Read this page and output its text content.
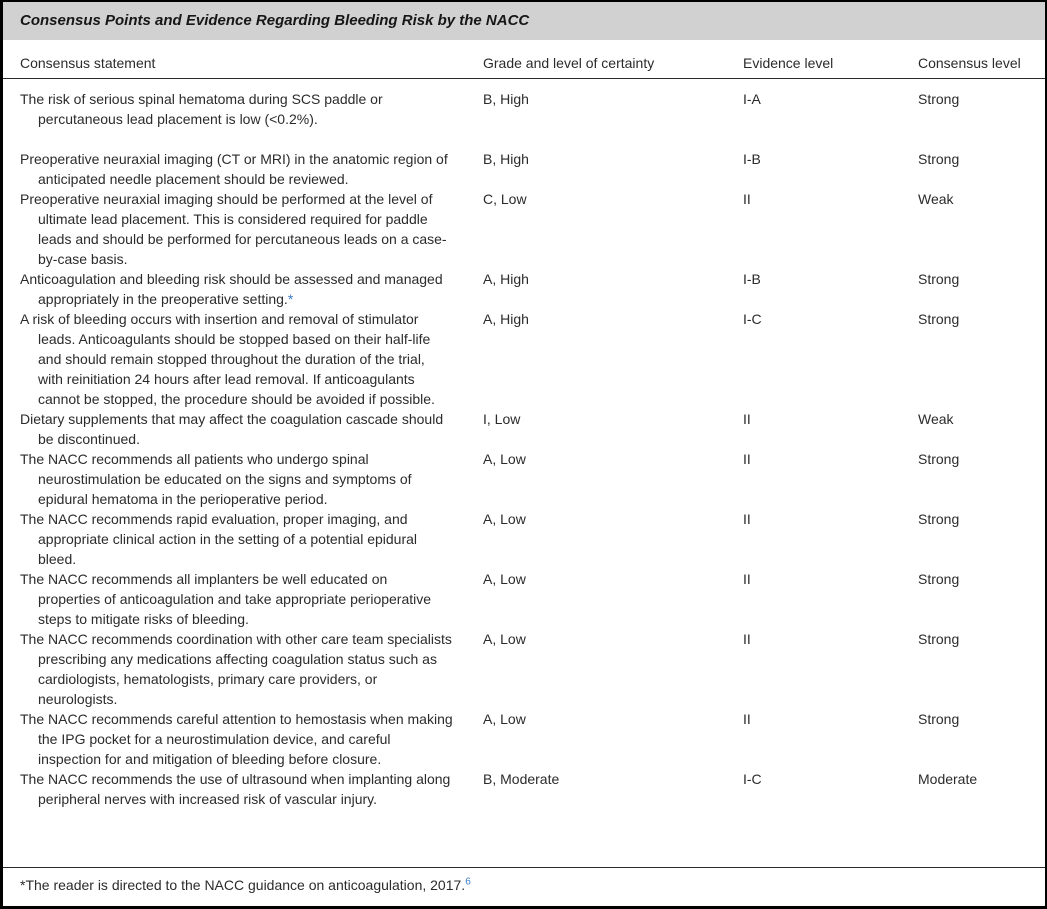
Consensus Points and Evidence Regarding Bleeding Risk by the NACC
Consensus statement	Grade and level of certainty	Evidence level	Consensus level
The risk of serious spinal hematoma during SCS paddle or percutaneous lead placement is low (<0.2%).
B, High	I-A	Strong
Preoperative neuraxial imaging (CT or MRI) in the anatomic region of anticipated needle placement should be reviewed.
B, High	I-B	Strong
Preoperative neuraxial imaging should be performed at the level of ultimate lead placement. This is considered required for paddle leads and should be performed for percutaneous leads on a case-by-case basis.
C, Low	II	Weak
Anticoagulation and bleeding risk should be assessed and managed appropriately in the preoperative setting.*
A, High	I-B	Strong
A risk of bleeding occurs with insertion and removal of stimulator leads. Anticoagulants should be stopped based on their half-life and should remain stopped throughout the duration of the trial, with reinitiation 24 hours after lead removal. If anticoagulants cannot be stopped, the procedure should be avoided if possible.
A, High	I-C	Strong
Dietary supplements that may affect the coagulation cascade should be discontinued.
I, Low	II	Weak
The NACC recommends all patients who undergo spinal neurostimulation be educated on the signs and symptoms of epidural hematoma in the perioperative period.
A, Low	II	Strong
The NACC recommends rapid evaluation, proper imaging, and appropriate clinical action in the setting of a potential epidural bleed.
A, Low	II	Strong
The NACC recommends all implanters be well educated on properties of anticoagulation and take appropriate perioperative steps to mitigate risks of bleeding.
A, Low	II	Strong
The NACC recommends coordination with other care team specialists prescribing any medications affecting coagulation status such as cardiologists, hematologists, primary care providers, or neurologists.
A, Low	II	Strong
The NACC recommends careful attention to hemostasis when making the IPG pocket for a neurostimulation device, and careful inspection for and mitigation of bleeding before closure.
A, Low	II	Strong
The NACC recommends the use of ultrasound when implanting along peripheral nerves with increased risk of vascular injury.
B, Moderate	I-C	Moderate
*The reader is directed to the NACC guidance on anticoagulation, 2017.$^6$
